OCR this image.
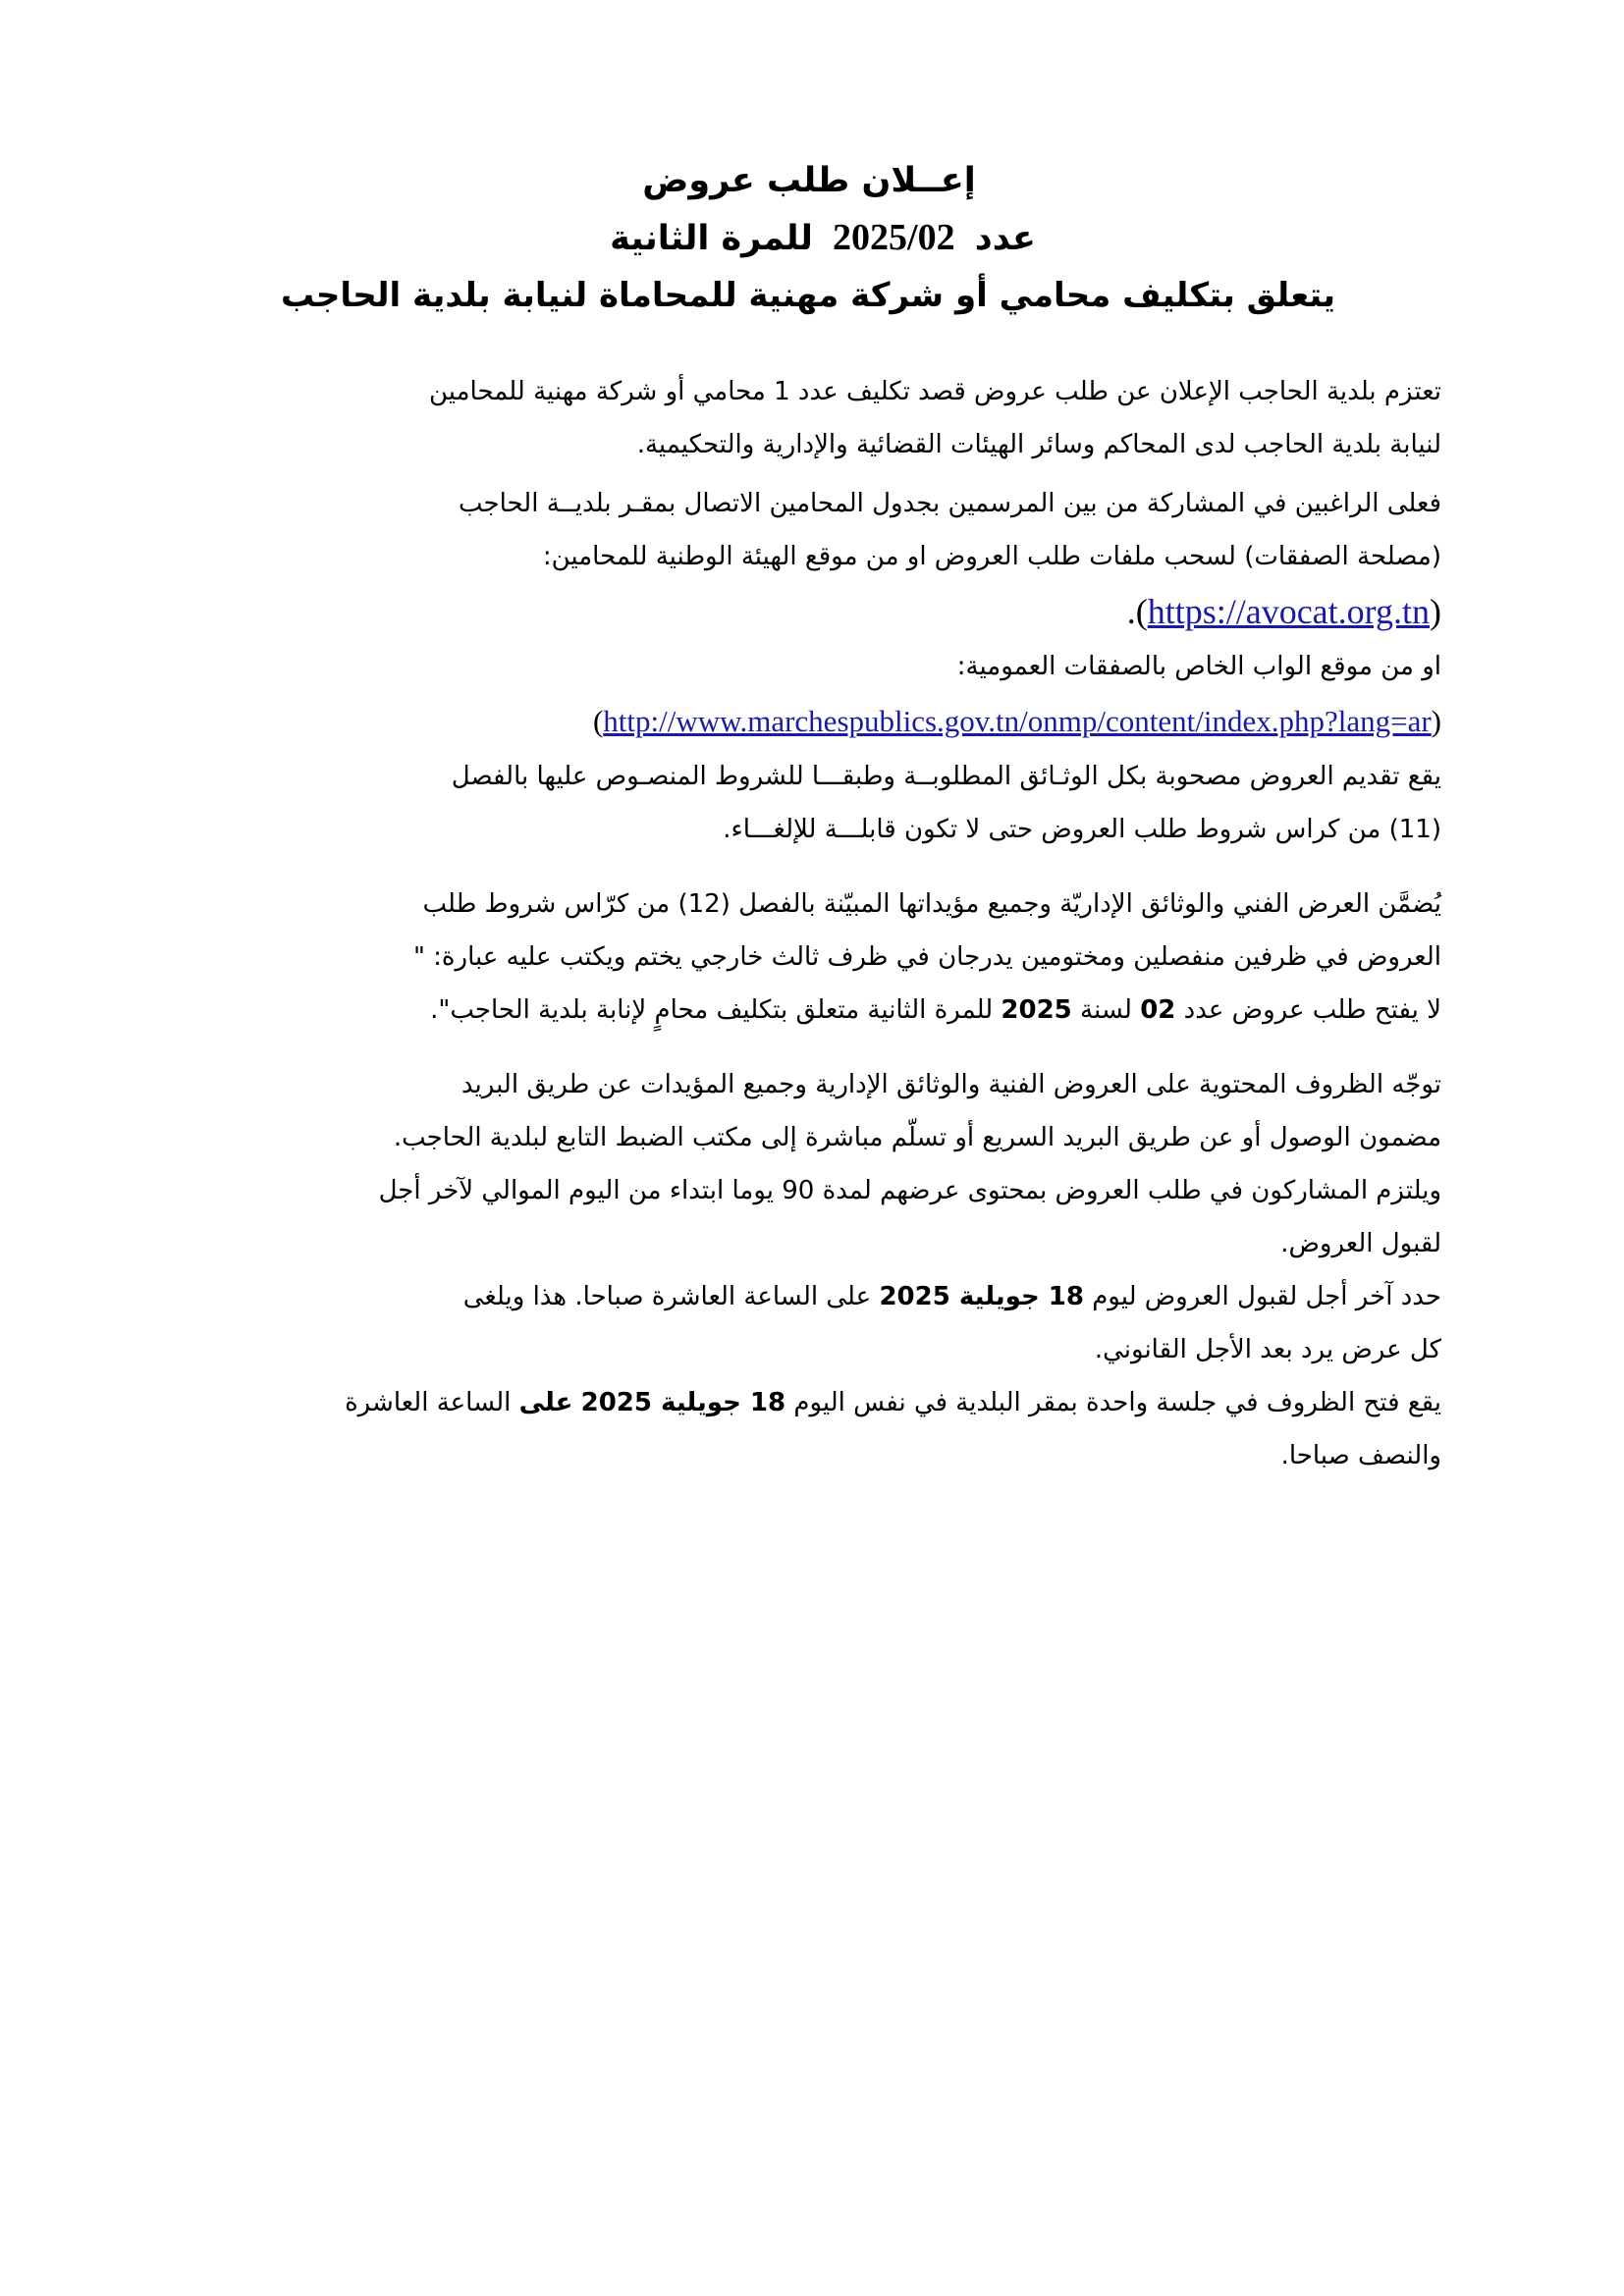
إعــلان طلب عروض
عدد 2025/02 للمرة الثانية
يتعلق بتكليف محامي أو شركة مهنية للمحاماة لنيابة بلدية الحاجب
تعتزم بلدية الحاجب الإعلان عن طلب عروض قصد تكليف عدد 1 محامي أو شركة مهنية للمحامين
لنيابة بلدية الحاجب لدى المحاكم وسائر الهيئات القضائية والإدارية والتحكيمية.
فعلى الراغبين في المشاركة من بين المرسمين بجدول المحامين الاتصال بمقـر بلديــة الحاجب
(مصلحة الصفقات) لسحب ملفات طلب العروض او من موقع الهيئة الوطنية للمحامين:
(https://avocat.org.tn).
او من موقع الواب الخاص بالصفقات العمومية:
(http://www.marchespublics.gov.tn/onmp/content/index.php?lang=ar)
يقع تقديم العروض مصحوبة بكل الوثـائق المطلوبــة وطبقـــا للشروط المنصـوص عليها بالفصل
(11) من كراس شروط طلب العروض حتى لا تكون قابلـــة للإلغـــاء.
يُضمَّن العرض الفني والوثائق الإداريّة وجميع مؤيداتها المبيّنة بالفصل (12) من كرّاس شروط طلب
العروض في ظرفين منفصلين ومختومين يدرجان في ظرف ثالث خارجي يختم ويكتب عليه عبارة: "
لا يفتح طلب عروض عدد 02 لسنة 2025 للمرة الثانية متعلق بتكليف محامٍ لإنابة بلدية الحاجب".
توجّه الظروف المحتوية على العروض الفنية والوثائق الإدارية وجميع المؤيدات عن طريق البريد
مضمون الوصول أو عن طريق البريد السريع أو تسلّم مباشرة إلى مكتب الضبط التابع لبلدية الحاجب.
ويلتزم المشاركون في طلب العروض بمحتوى عرضهم لمدة 90 يوما ابتداء من اليوم الموالي لآخر أجل
لقبول العروض.
حدد آخر أجل لقبول العروض ليوم 18 جويلية 2025 على الساعة العاشرة صباحا. هذا ويلغى
كل عرض يرد بعد الأجل القانوني.
يقع فتح الظروف في جلسة واحدة بمقر البلدية في نفس اليوم 18 جويلية 2025 على الساعة العاشرة
والنصف صباحا.
